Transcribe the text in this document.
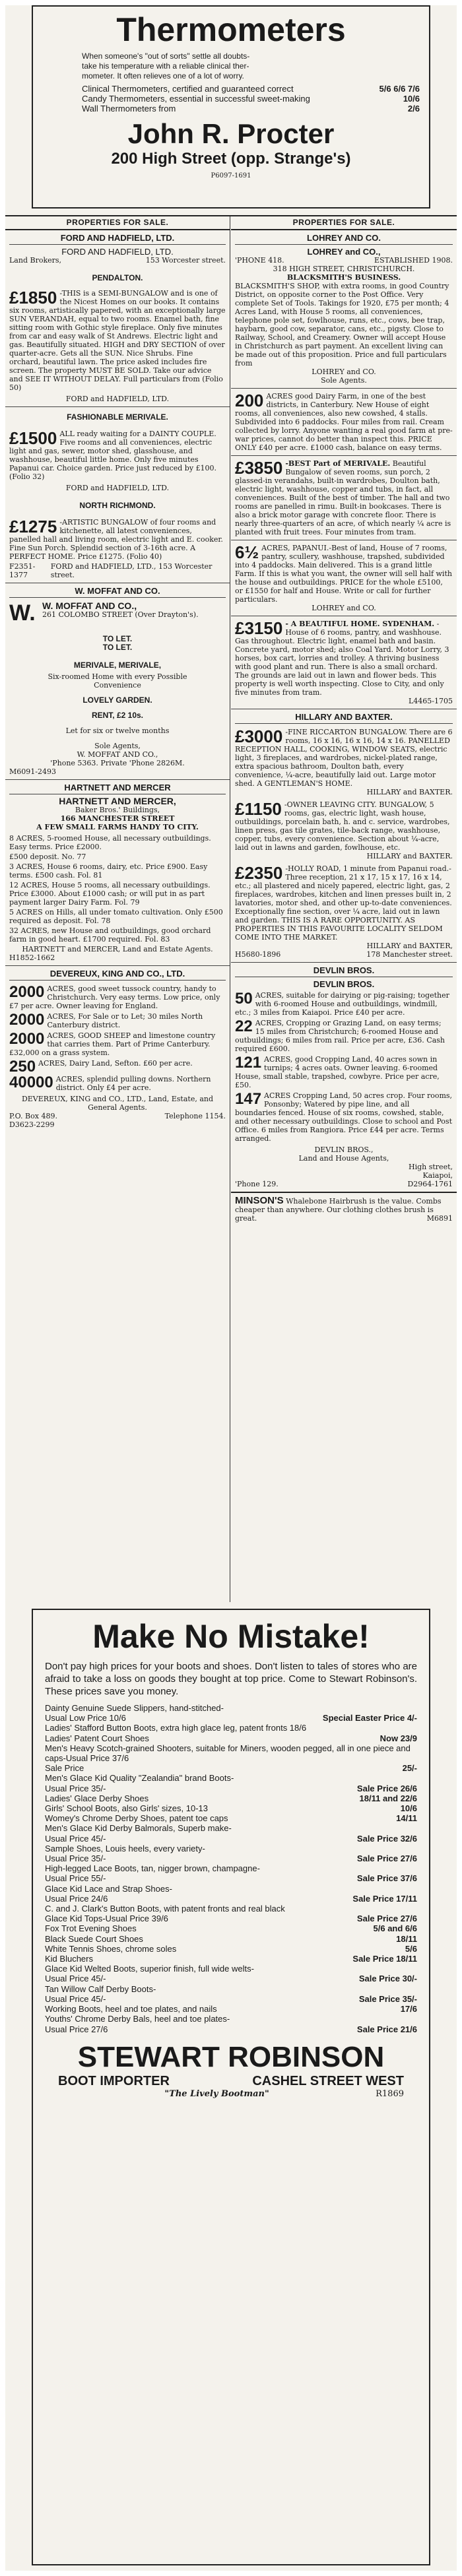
Thermometers
When someone's "out of sorts" settle all doubts-
take his temperature with a reliable clinical ther-
mometer. It often relieves one of a lot of worry.
Clinical Thermometers, certified and guaranteed correct	5/6 6/6 7/6
Candy Thermometers, essential in successful sweet-making	10/6
Wall Thermometers from	2/6
John R. Procter
200 High Street (opp. Strange's)
P6097-1691
PROPERTIES FOR SALE.
FORD AND HADFIELD, LTD.
FORD AND HADFIELD, LTD.
Land Brokers,	153 Worcester street.
PENDALTON.
£1850 -THIS is a SEMI-BUNGALOW and is one of the Nicest Homes on our books. It contains six rooms, artistically papered, with an exceptionally large SUN VERANDAH, equal to two rooms. Enamel bath, fine sitting room with Gothic style fireplace. Only five minutes from car and easy walk of St Andrews. Electric light and gas. Beautifully situated. HIGH and DRY SECTION of over quarter-acre. Gets all the SUN. Nice Shrubs. Fine orchard, beautiful lawn. The price asked includes fire screen. The property MUST BE SOLD. Take our advice and SEE IT WITHOUT DELAY. Full particulars from (Folio 50)
FORD and HADFIELD, LTD.
FASHIONABLE MERIVALE.
£1500 ALL ready waiting for a DAINTY COUPLE. Five rooms and all conveniences, electric light and gas, sewer, motor shed, glasshouse, and washhouse, beautiful little home. Only five minutes Papanui car. Choice garden. Price just reduced by £100. (Folio 32)
FORD and HADFIELD, LTD.
NORTH RICHMOND.
£1275 -ARTISTIC BUNGALOW of four rooms and kitchenette, all latest conveniences, panelled hall and living room, electric light and E. cooker. Fine Sun Porch. Splendid section of 3-16th acre. A PERFECT HOME. Price £1275. (Folio 40)
F2351-1377
FORD and HADFIELD, LTD., 153 Worcester street.
W. MOFFAT AND CO.
W. W. MOFFAT AND CO.,
261 COLOMBO STREET (Over Drayton's).
TO LET.
TO LET.
MERIVALE, MERIVALE,
Six-roomed Home with every Possible Convenience
LOVELY GARDEN.
RENT, £2 10s.
Let for six or twelve months
Sole Agents,
W. MOFFAT AND CO.,
'Phone 5363. Private 'Phone 2826M.
M6091-2493
HARTNETT AND MERCER
HARTNETT AND MERCER,
Baker Bros.' Buildings,
166 MANCHESTER STREET
A FEW SMALL FARMS HANDY TO CITY.
8 ACRES, 5-roomed House, all necessary outbuildings. Easy terms. Price £2000.
£500 deposit. No. 77
3 ACRES, House 6 rooms, dairy, etc. Price £900. Easy terms. £500 cash. Fol. 81
12 ACRES, House 5 rooms, all necessary outbuildings. Price £3000. About £1000 cash; or will put in as part payment larger Dairy Farm. Fol. 79
5 ACRES on Hills, all under tomato cultivation. Only £500 required as deposit. Fol. 78
32 ACRES, new House and outbuildings, good orchard farm in good heart. £1700 required. Fol. 83
HARTNETT and MERCER, Land and Estate Agents.
H1852-1662
DEVEREUX, KING AND CO., LTD.
2000 ACRES, good sweet tussock country, handy to Christchurch. Very easy terms. Low price, only £7 per acre. Owner leaving for England.
2000 ACRES, For Sale or to Let; 30 miles North Canterbury district.
2000 ACRES, GOOD SHEEP and limestone country that carries them. Part of Prime Canterbury. £32,000 on a grass system.
250 ACRES, Dairy Land, Sefton. £60 per acre.
40000 ACRES, splendid pulling downs. Northern district. Only £4 per acre.
DEVEREUX, KING and CO., LTD., Land, Estate, and General Agents.
P.O. Box 489.	Telephone 1154.
D3623-2299
PROPERTIES FOR SALE.
LOHREY AND CO.
LOHREY and CO.,
'PHONE 418.	ESTABLISHED 1908.
318 HIGH STREET, CHRISTCHURCH.
BLACKSMITH'S BUSINESS.
BLACKSMITH'S SHOP, with extra rooms, in good Country District, on opposite corner to the Post Office. Very complete Set of Tools. Takings for 1920, £75 per month; 4 Acres Land, with House 5 rooms, all conveniences, telephone pole set, fowlhouse, runs, etc., cows, bee trap, haybarn, good cow, separator, cans, etc., pigsty. Close to Railway, School, and Creamery. Owner will accept House in Christchurch as part payment. An excellent living can be made out of this proposition. Price and full particulars from
LOHREY and CO.
Sole Agents.
200 ACRES good Dairy Farm, in one of the best districts, in Canterbury. New House of eight rooms, all conveniences, also new cowshed, 4 stalls. Subdivided into 6 paddocks. Four miles from rail. Cream collected by lorry. Anyone wanting a real good farm at pre-war prices, cannot do better than inspect this. PRICE ONLY £40 per acre. £1000 cash, balance on easy terms.
£3850 -BEST Part of MERIVALE. Beautiful Bungalow of seven rooms, sun porch, 2 glassed-in verandahs, built-in wardrobes, Doulton bath, electric light, washhouse, copper and tubs, in fact, all conveniences. Built of the best of timber. The hall and two rooms are panelled in rimu. Built-in bookcases. There is also a brick motor garage with concrete floor. There is nearly three-quarters of an acre, of which nearly ¼ acre is planted with fruit trees. Four minutes from tram.
6½ ACRES, PAPANUI.-Best of land, House of 7 rooms, pantry, scullery, washhouse, trapshed, subdivided into 4 paddocks. Main delivered. This is a grand little Farm. If this is what you want, the owner will sell half with the house and outbuildings. PRICE for the whole £5100, or £1550 for half and House. Write or call for further particulars.
LOHREY and CO.
£3150 - A BEAUTIFUL HOME. SYDENHAM. -House of 6 rooms, pantry, and washhouse. Gas throughout. Electric light, enamel bath and basin. Concrete yard, motor shed; also Coal Yard. Motor Lorry, 3 horses, box cart, lorries and trolley. A thriving business with good plant and run. There is also a small orchard. The grounds are laid out in lawn and flower beds. This property is well worth inspecting. Close to City, and only five minutes from tram.
L4465-1705
HILLARY AND BAXTER.
£3000 -FINE RICCARTON BUNGALOW. There are 6 rooms, 16 x 16, 16 x 16, 14 x 16. PANELLED RECEPTION HALL, COOKING, WINDOW SEATS, electric light, 3 fireplaces, and wardrobes, nickel-plated range, extra spacious bathroom, Doulton bath, every convenience, ¼-acre, beautifully laid out. Large motor shed. A GENTLEMAN'S HOME.
HILLARY and BAXTER.
£1150 -OWNER LEAVING CITY. BUNGALOW, 5 rooms, gas, electric light, wash house, outbuildings, porcelain bath, h. and c. service, wardrobes, linen press, gas tile grates, tile-back range, washhouse, copper, tubs, every convenience. Section about ¼-acre, laid out in lawns and garden, fowlhouse, etc.
HILLARY and BAXTER.
£2350 -HOLLY ROAD, 1 minute from Papanui road.-Three reception, 21 x 17, 15 x 17, 16 x 14, etc.; all plastered and nicely papered, electric light, gas, 2 fireplaces, wardrobes, kitchen and linen presses built in, 2 lavatories, motor shed, and other up-to-date conveniences. Exceptionally fine section, over ¼ acre, laid out in lawn and garden. THIS IS A RARE OPPORTUNITY. AS PROPERTIES IN THIS FAVOURITE LOCALITY SELDOM COME INTO THE MARKET.
HILLARY and BAXTER,
H5680-1896	178 Manchester street.
DEVLIN BROS.
DEVLIN BROS.
50 ACRES, suitable for dairying or pig-raising; together with 6-roomed House and outbuildings, windmill, etc.; 3 miles from Kaiapoi. Price £40 per acre.
22 ACRES, Cropping or Grazing Land, on easy terms; 15 miles from Christchurch; 6-roomed House and outbuildings; 6 miles from rail. Price per acre, £36. Cash required £600.
121 ACRES, good Cropping Land, 40 acres sown in turnips; 4 acres oats. Owner leaving. 6-roomed House, small stable, trapshed, cowbyre. Price per acre, £50.
147 ACRES Cropping Land, 50 acres crop. Four rooms, Ponsonby; Watered by pipe line, and all boundaries fenced. House of six rooms, cowshed, stable, and other necessary outbuildings. Close to school and Post Office. 6 miles from Rangiora. Price £44 per acre. Terms arranged.
DEVLIN BROS.,
Land and House Agents,
High street,
Kaiapoi,
'Phone 129.	D2964-1761
MINSON'S Whalebone Hairbrush is the value. Combs cheaper than anywhere. Our clothing clothes brush is great.	M6891
Make No Mistake!
Don't pay high prices for your boots and shoes. Don't listen to tales of stores who are afraid to take a loss on goods they bought at top price. Come to Stewart Robinson's. These prices save you money.
Dainty Genuine Suede Slippers, hand-stitched-
Usual Low Price 10/6	Special Easter Price 4/-
Ladies' Stafford Button Boots, extra high glace leg, patent fronts 18/6
Ladies' Patent Court Shoes	Now 23/9
Men's Heavy Scotch-grained Shooters, suitable for Miners, wooden pegged, all in one piece and caps-Usual Price 37/6
Sale Price	25/-
Men's Glace Kid Quality "Zealandia" brand Boots-
Usual Price 35/-	Sale Price 26/6
Ladies' Glace Derby Shoes	18/11 and 22/6
Girls' School Boots, also Girls' sizes, 10-13	10/6
Womey's Chrome Derby Shoes, patent toe caps	14/11
Men's Glace Kid Derby Balmorals, Superb make-
Usual Price 45/-	Sale Price 32/6
Sample Shoes, Louis heels, every variety-
Usual Price 35/-	Sale Price 27/6
High-legged Lace Boots, tan, nigger brown, champagne-
Usual Price 55/-	Sale Price 37/6
Glace Kid Lace and Strap Shoes-
Usual Price 24/6	Sale Price 17/11
C. and J. Clark's Button Boots, with patent fronts and real black
Glace Kid Tops-Usual Price 39/6	Sale Price 27/6
Fox Trot Evening Shoes	5/6 and 6/6
Black Suede Court Shoes	18/11
White Tennis Shoes, chrome soles	5/6
Kid Bluchers	Sale Price 18/11
Glace Kid Welted Boots, superior finish, full wide welts-
Usual Price 45/-	Sale Price 30/-
Tan Willow Calf Derby Boots-
Usual Price 45/-	Sale Price 35/-
Working Boots, heel and toe plates, and nails	17/6
Youths' Chrome Derby Bals, heel and toe plates-
Usual Price 27/6	Sale Price 21/6
STEWART ROBINSON
BOOT IMPORTER	CASHEL STREET WEST
"The Lively Bootman"	R1869
